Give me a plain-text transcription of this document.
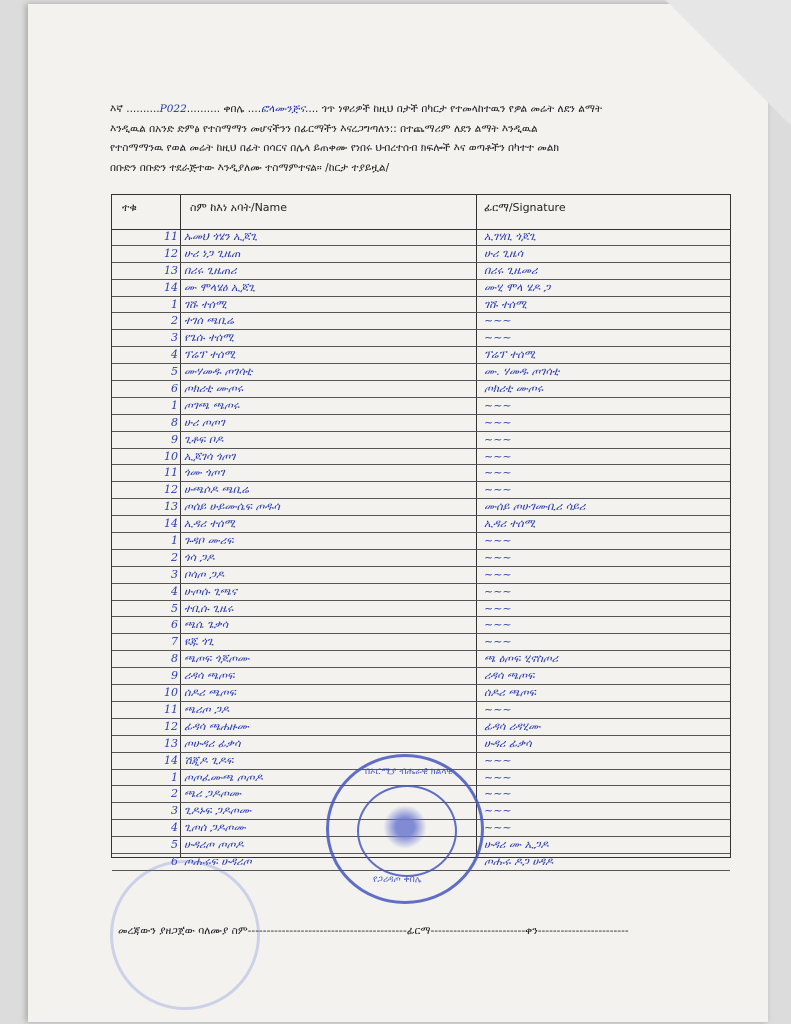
እኛ ..........P022.......... ቀበሌ ....ፎላሙንጅና.... ጎጥ ነዋሪዎች ከዚህ በታች በካርታ የተመላከተዉን የዎል መሬት ለደን ልማት
እንዲዉል በአንድ ድምፅ የተስማማን መሆናችንን በፊርማችን እናረጋግጣለን:: በተጨማሪም ለደን ልማት እንዲዉል
የተስማማንዉ የወል መሬት ከዚህ በፊት በሳርና በሌላ ይጠቀሙ የነበሩ ህብረተሰብ ክፍሎች እና ወጣቶችን በካተተ መልክ
በቡድን በቡድን ተደራጅተው እንዲያለሙ ተስማምተናል። /ከርታ ተያይዟል/
ተቁ	ስም ከእነ አባት/Name	ፊርማ/Signature
11 ኡመህ ጎሄን ኢጆጊ	ኢገሃቢ ጎጆጊ
12 ሁሪ ነጋ ጊዜጠ	ሁሪ ጊዜሳ
13 በሪሩ ጊዜጠሪ	በሪሩ ጊዜመሪ
14 ሙ ሞላሄዕ ኢጆጊ	ሙሂ ሞላ ሄዶ ጋ
1 ገሹ ተሰሚ	ገሹ ተሰሚ
2 ተገሰ ጫቢሬ	~~~
3 የጌሱ ተሰሚ	~~~
4 ፕሬፕ ተሰሚ	ፕሬፕ ተሰሚ
5 ሙሃመዱ ጦገሳቲ	ሙ. ሃመዱ ጦገሳቲ
6 ጦክሪቲ ሙጦሩ	ጦክሪቲ ሙጦሩ
1 ጦገጫ ጫጦሩ	~~~
8 ሁሪ ጦጦገ	~~~
9 ጊቶፍ ቦዶ	~~~
10 ኢጆገሳ ጎጦገ	~~~
11 ጎሙ ጎጦገ	~~~
12 ሁጫሶዶ ጫቢሬ	~~~
13 ጦሰይ ሁይሙሴፍ ጦዱሳ	ሙሰይ ጦሁገሙቢሪ ሳይሪ
14 ኢዳሪ ተሰሚ	ኢዳሪ ተሰሚ
1 ጉዳቦ ሙሪፍ	~~~
2 ጎሳ ጋዶ	~~~
3 ቦሳጦ ጋዶ	~~~
4 ሁጦሱ ጊጫና	~~~
5 ተቢሱ ጊዜሩ	~~~
6 ጫሴ ጌቃሳ	~~~
7 ዩጁ ጎጊ	~~~
8 ጫጦፍ ጎጆጦሙ	ጫ ዕጦፍ ሂኖስጦሪ
9 ሪዳሳ ጫጦፍ	ሪዳሳ ጫጦፍ
10 ሰዶሪ ጫጦፍ	ሰዶሪ ጫጦፍ
11 ጫሪጦ ጋዶ	~~~
12 ፊዳሳ ጫሐዙሙ	ፊዳሳ ሪዳሂሙ
13 ጦሁዳሪ ፊቃሳ	ሁዳሪ ፊቃሳ
14 ሽጂዶ ጊዶፍ	~~~
1 ጦጦፈሙጫ ጦጦዶ	~~~
2 ጫሪ ጋዶጦሙ	~~~
3 ጊዶኑፍ ጋዶጦሙ	~~~
4 ጊጦሰ ጋዶጦሙ	~~~
5 ሁዳሪጦ ጦጦዶ	ሁዳሪ ሙ ኢጋዶ
6 ጦሑሩፍ ሁዳሪጦ	ጦሑሩ ዶጋ ሀዳዶ
በኦሮሚያ ብሔራዊ ክልላዊ
የጋሪዳጦ ቀበሌ
መረጃውን ያዘጋጀው ባለሙያ ስም------------------------------------------ፊርማ-------------------------ቀን------------------------
